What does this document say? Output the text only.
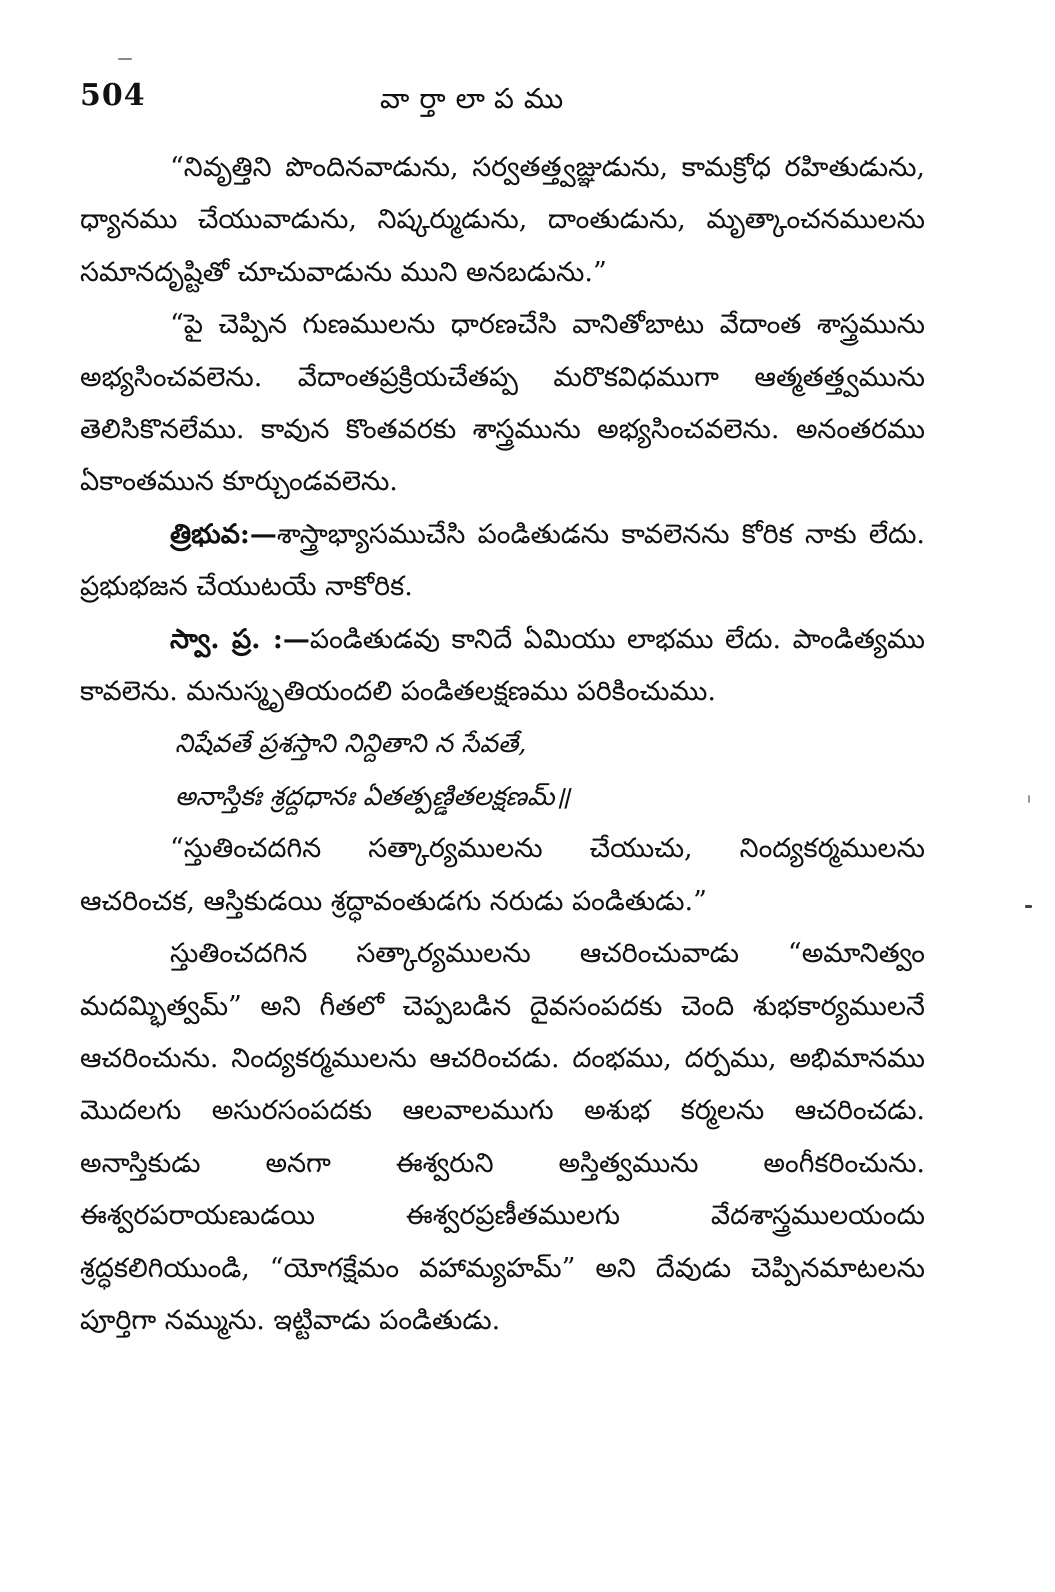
504	వార్తాలాపము

“నివృత్తిని పొందినవాడును, సర్వతత్త్వజ్ఞుడును, కామక్రోధ రహితుడును, ధ్యానము చేయువాడును, నిష్కర్ముడును, దాంతుడును, మృత్కాంచనములను సమానదృష్టితో చూచువాడును ముని అనబడును.”

“పై చెప్పిన గుణములను ధారణచేసి వానితోబాటు వేదాంత శాస్త్రమును అభ్యసించవలెను. వేదాంతప్రక్రియచేతప్ప మరొకవిధముగా ఆత్మతత్త్వమును తెలిసికొనలేము. కావున కొంతవరకు శాస్త్రమును అభ్యసించవలెను. అనంతరము ఏకాంతమున కూర్చుండవలెను.

త్రిభువ:—శాస్త్రాభ్యాసముచేసి పండితుడను కావలెనను కోరిక నాకు లేదు. ప్రభుభజన చేయుటయే నాకోరిక.

స్వా. ప్ర. :—పండితుడవు కానిదే ఏమియు లాభము లేదు. పాండిత్యము కావలెను. మనుస్మృతియందలి పండితలక్షణము పరికించుము.

నిషేవతే ప్రశస్తాని నిన్దితాని న సేవతే,

అనాస్తికః శ్రద్దధానః ఏతత్పణ్డితలక్షణమ్॥

“స్తుతించదగిన సత్కార్యములను చేయుచు, నింద్యకర్మములను ఆచరించక, ఆస్తికుడయి శ్రద్ధావంతుడగు నరుడు పండితుడు.”

స్తుతించదగిన సత్కార్యములను ఆచరించువాడు “అమానిత్వం మదమ్భిత్వమ్” అని గీతలో చెప్పబడిన దైవసంపదకు చెంది శుభకార్యములనే ఆచరించును. నింద్యకర్మములను ఆచరించడు. దంభము, దర్పము, అభిమానము మొదలగు అసురసంపదకు ఆలవాలముగు అశుభ కర్మలను ఆచరించడు. అనాస్తికుడు అనగా ఈశ్వరుని అస్తిత్వమును అంగీకరించును. ఈశ్వరపరాయణుడయి ఈశ్వరప్రణీతములగు వేదశాస్త్రములయందు శ్రద్ధకలిగియుండి, “యోగక్షేమం వహామ్యహమ్” అని దేవుడు చెప్పినమాటలను పూర్తిగా నమ్మును. ఇట్టివాడు పండితుడు.
